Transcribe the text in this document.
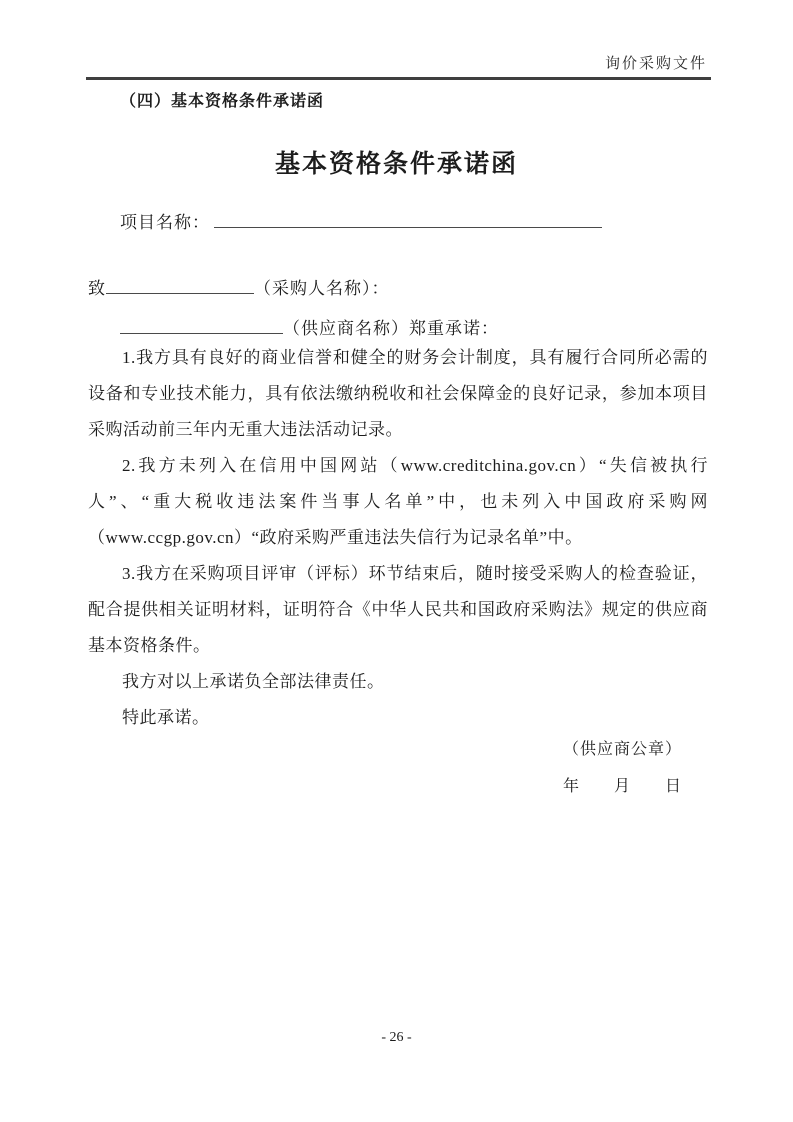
询价采购文件
（四）基本资格条件承诺函
基本资格条件承诺函
项目名称：
致	（采购人名称）：
（供应商名称）郑重承诺：

1.我方具有良好的商业信誉和健全的财务会计制度，具有履行合同所必需的设备和专业技术能力，具有依法缴纳税收和社会保障金的良好记录，参加本项目采购活动前三年内无重大违法活动记录。

2.我方未列入在信用中国网站（www.creditchina.gov.cn）“失信被执行人”、“重大税收违法案件当事人名单”中，也未列入中国政府采购网（www.ccgp.gov.cn）“政府采购严重违法失信行为记录名单”中。

3.我方在采购项目评审（评标）环节结束后，随时接受采购人的检查验证，配合提供相关证明材料，证明符合《中华人民共和国政府采购法》规定的供应商基本资格条件。

我方对以上承诺负全部法律责任。

特此承诺。

（供应商公章）
年　　月　　日
- 26 -
